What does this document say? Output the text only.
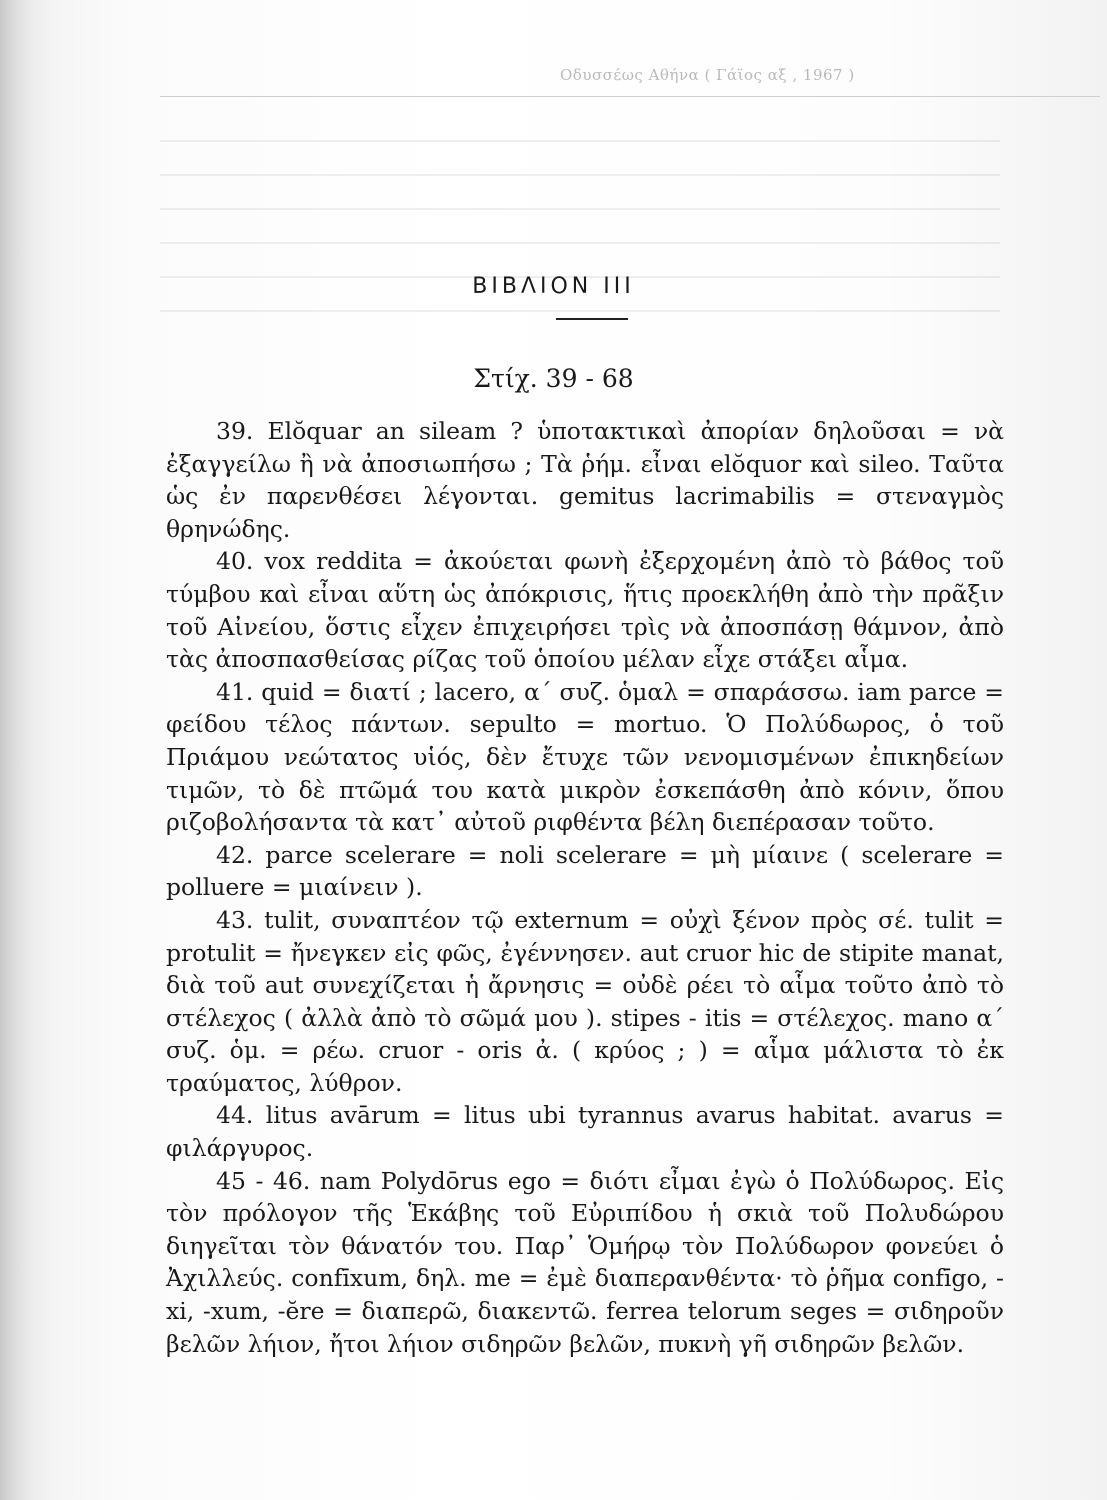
Οδυσσέως Αθήνα ( Γάϊος αξ , 1967 )
ΒΙΒΛΙΟΝ III
Στίχ. 39 - 68

39. Elŏquar an sileam ? ὑποτακτικαὶ ἀπορίαν δηλοῦσαι = νὰ ἐξαγγείλω ἢ νὰ ἀποσιωπήσω ; Τὰ ῥήμ. εἶναι elŏquor καὶ sileo. Ταῦτα ὡς ἐν παρενθέσει λέγονται. gemitus lacrimabilis = στεναγμὸς θρηνώδης.

40. vox reddita = ἀκούεται φωνὴ ἐξερχομένη ἀπὸ τὸ βάθος τοῦ τύμβου καὶ εἶναι αὕτη ὡς ἀπόκρισις, ἥτις προεκλήθη ἀπὸ τὴν πρᾶξιν τοῦ Αἰνείου, ὅστις εἶχεν ἐπιχειρήσει τρὶς νὰ ἀποσπάσῃ θάμνον, ἀπὸ τὰς ἀποσπασθείσας ρίζας τοῦ ὁποίου μέλαν εἶχε στάξει αἷμα.

41. quid = διατί ; lacero, α΄ συζ. ὁμαλ = σπαράσσω. iam parce = φείδου τέλος πάντων. sepulto = mortuo. Ὁ Πολύδωρος, ὁ τοῦ Πριάμου νεώτατος υἱός, δὲν ἔτυχε τῶν νενομισμένων ἐπικηδείων τιμῶν, τὸ δὲ πτῶμά του κατὰ μικρὸν ἐσκεπάσθη ἀπὸ κόνιν, ὅπου ριζοβολήσαντα τὰ κατ᾿ αὐτοῦ ριφθέντα βέλη διεπέρασαν τοῦτο.

42. parce scelerare = noli scelerare = μὴ μίαινε ( scelerare = polluere = μιαίνειν ).

43. tulit, συναπτέον τῷ externum = οὐχὶ ξένον πρὸς σέ. tulit = protulit = ἤνεγκεν εἰς φῶς, ἐγέννησεν. aut cruor hic de stipite manat, διὰ τοῦ aut συνεχίζεται ἡ ἄρνησις = οὐδὲ ρέει τὸ αἷμα τοῦτο ἀπὸ τὸ στέλεχος ( ἀλλὰ ἀπὸ τὸ σῶμά μου ). stipes - itis = στέλεχος. mano α΄ συζ. ὁμ. = ρέω. cruor - oris ἀ. ( κρύος ; ) = αἷμα μάλιστα τὸ ἐκ τραύματος, λύθρον.

44. litus avārum = litus ubi tyrannus avarus habitat. avarus = φιλάργυρος.

45 - 46. nam Polydōrus ego = διότι εἶμαι ἐγὼ ὁ Πολύδωρος. Εἰς τὸν πρόλογον τῆς Ἑκάβης τοῦ Εὐριπίδου ἡ σκιὰ τοῦ Πολυδώρου διηγεῖται τὸν θάνατόν του. Παρ᾿ Ὁμήρῳ τὸν Πολύδωρον φονεύει ὁ Ἀχιλλεύς. confīxum, δηλ. me = ἐμὲ διαπερανθέντα· τὸ ῥῆμα confīgo, -xi, -xum, -ĕre = διαπερῶ, διακεντῶ. ferrea telorum seges = σιδηροῦν βελῶν λήιον, ἤτοι λήιον σιδηρῶν βελῶν, πυκνὴ γῆ σιδηρῶν βελῶν.
